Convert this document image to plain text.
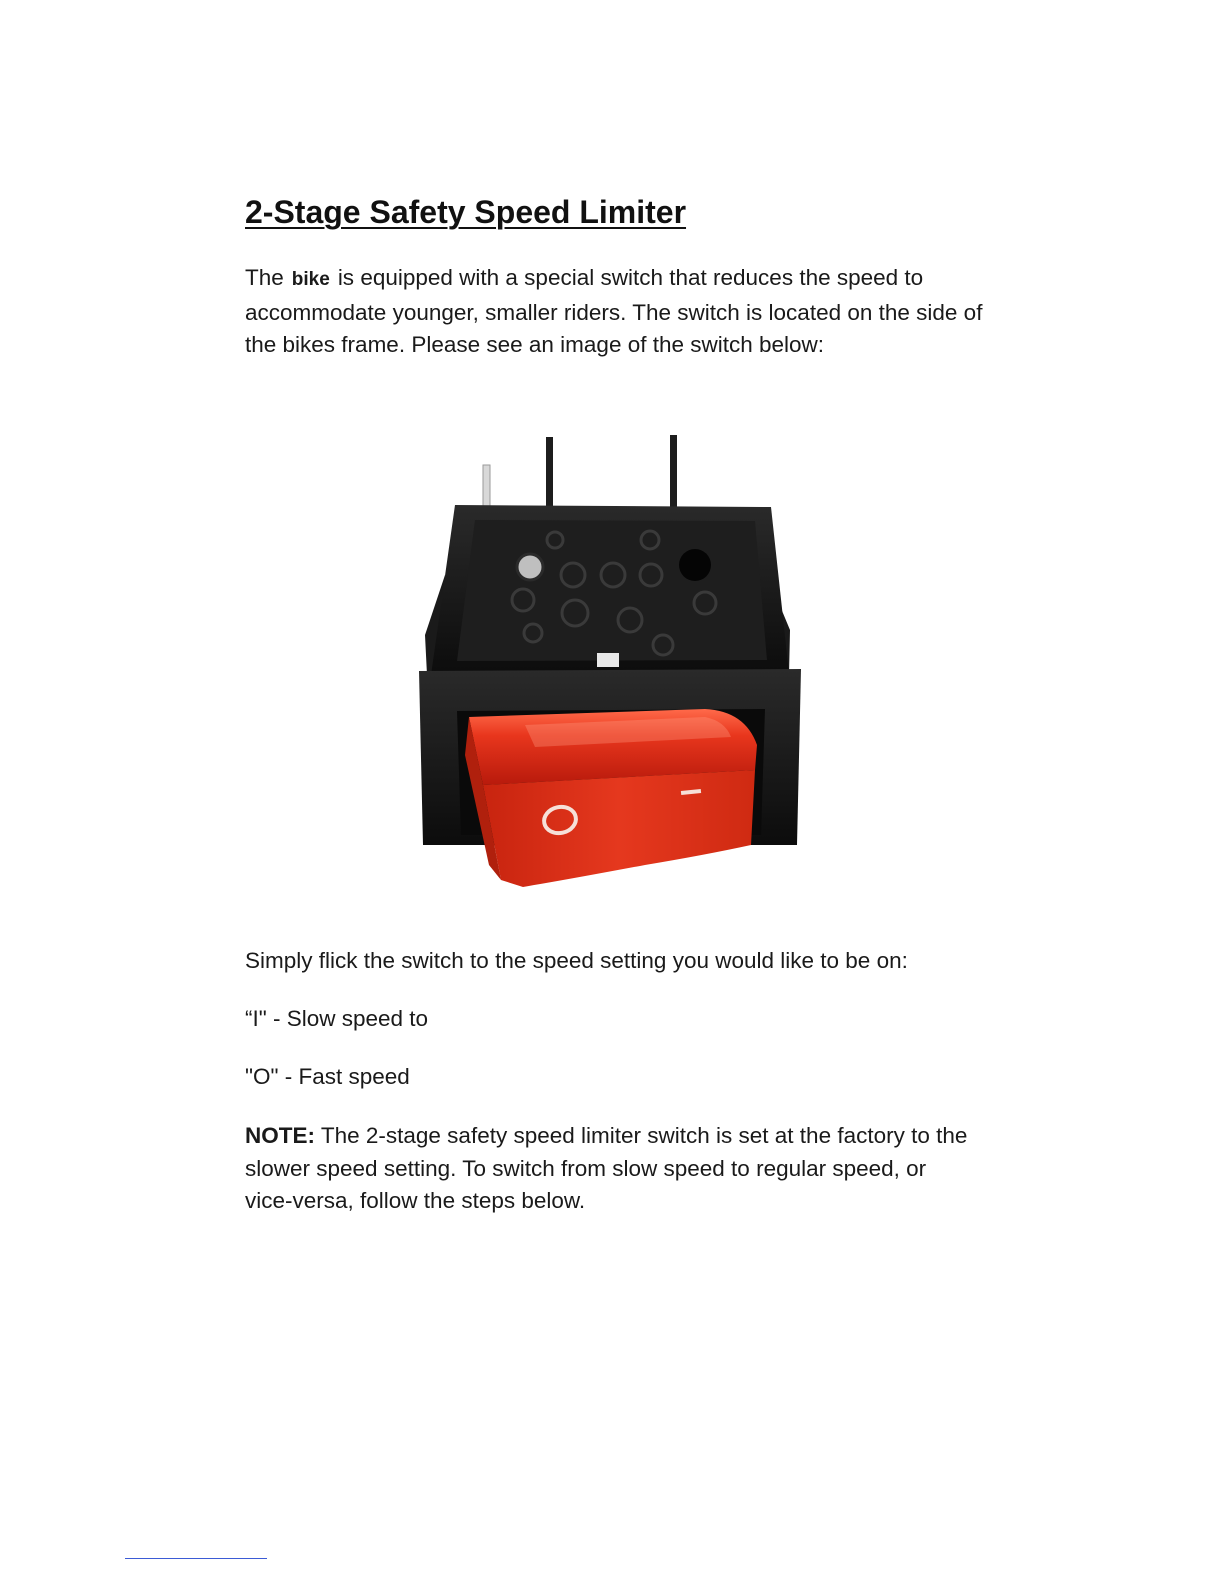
2-Stage Safety Speed Limiter

The bike is equipped with a special switch that reduces the speed to accommodate younger, smaller riders. The switch is located on the side of the bikes frame. Please see an image of the switch below:

Simply flick the switch to the speed setting you would like to be on:

“I" - Slow speed to

"O" - Fast speed

NOTE: The 2-stage safety speed limiter switch is set at the factory to the slower speed setting. To switch from slow speed to regular speed, or vice-versa, follow the steps below.
